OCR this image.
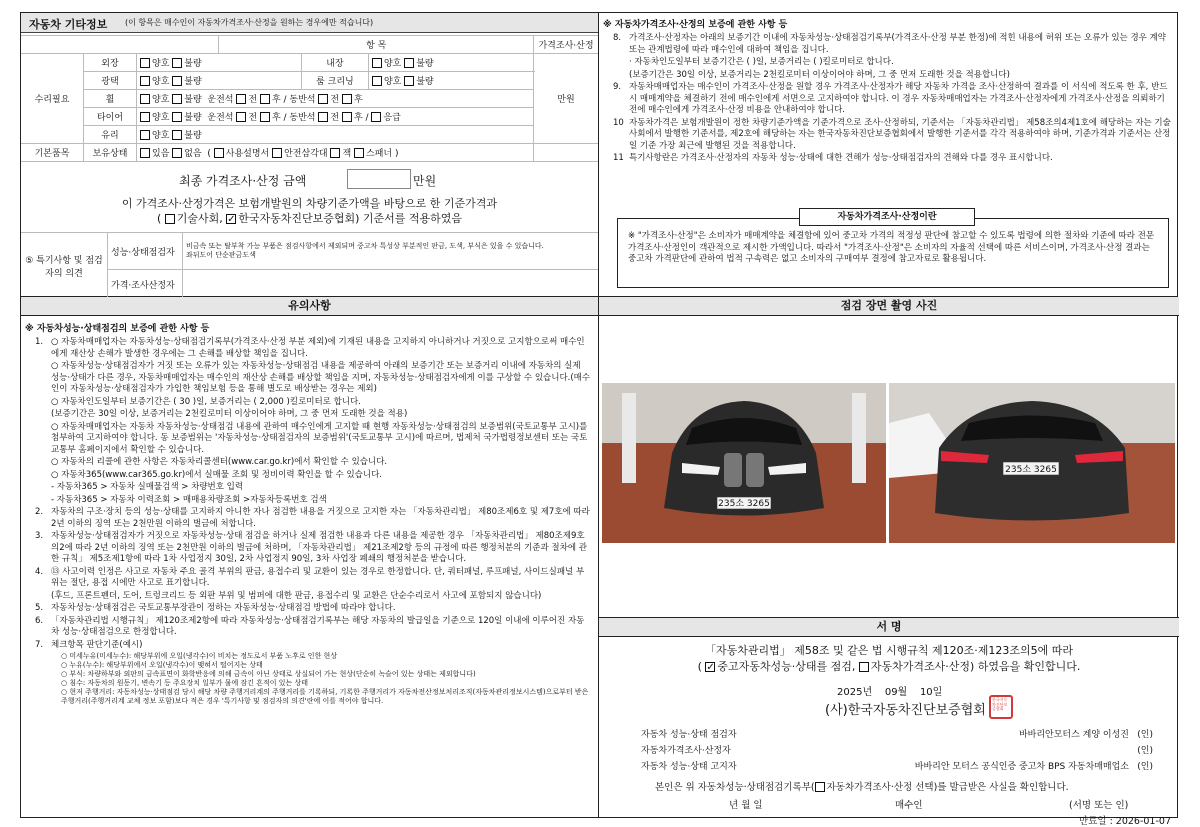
자동차 기타정보 (이 항목은 매수인이 자동차가격조사·산정을 원하는 경우에만 적습니다)
			항 목			가격조사·산정
수리필요	외장	양호 불량		내장	양호 불량	만원
	광택	양호 불량		룸 크리닝	양호 불량	
	휠	양호 불량 운전석 전 후 / 동반석 전 후				
	타이어	양호 불량 운전석 전 후 / 동반석 전 후 / 응급				
	유리	양호 불량				
기본품목	보유상태	있음 없음  ( 사용설명서 안전삼각대 잭 스패너 )				
최종 가격조사·산정 금액	만원
이 가격조사·산정가격은 보험개발원의 차량기준가액을 바탕으로 한 기준가격과
( 기술사회, ✓ 한국자동차진단보증협회) 기준서를 적용하였음
⑤ 특기사항 및 점검자의 의견	성능·상태점검자	비금속 또는 탈부착 가능 부품은 점검사항에서 제외되며 중고차 특성상 부분적인 판금, 도색, 부식은 있을 수 있습니다.
좌뒤도어 단순판금도색

	가격·조사산정자	
※ 자동차가격조사·산정의 보증에 관한 사항 등
8. 가격조사·산정자는 아래의 보증기간 이내에 자동차성능·상태점검기록부(가격조사·산정 부분 한정)에 적힌 내용에 허위 또는 오류가 있는 경우 계약 또는 관계법령에 따라 매수인에 대하여 책임을 집니다.
· 자동차인도일부터 보증기간은 ( )일, 보증거리는 ( )킬로미터로 합니다.
(보증기간은 30일 이상, 보증거리는 2천킬로미터 이상이어야 하며, 그 중 먼저 도래한 것을 적용합니다)
9. 자동차매매업자는 매수인이 가격조사·산정을 원할 경우 가격조사·산정자가 해당 자동차 가격을 조사·산정하여 결과를 이 서식에 적도록 한 후, 반드시 매매계약을 체결하기 전에 매수인에게 서면으로 고지하여야 합니다. 이 경우 자동차매매업자는 가격조사·산정자에게 가격조사·산정을 의뢰하기 전에 매수인에게 가격조사·산정 비용을 안내하여야 합니다.
10 자동차가격은 보험개발원이 정한 차량기준가액을 기준가격으로 조사·산정하되, 기준서는 「자동차관리법」 제58조의4제1호에 해당하는 자는 기술사회에서 발행한 기준서를, 제2호에 해당하는 자는 한국자동차진단보증협회에서 발행한 기준서를 각각 적용하여야 하며, 기준가격과 기준서는 산정일 기준 가장 최근에 발행된 것을 적용합니다.
11 특기사항란은 가격조사·산정자의 자동차 성능·상태에 대한 견해가 성능·상태점검자의 견해와 다를 경우 표시합니다.
자동차가격조사·산정이란
※ "가격조사·산정"은 소비자가 매매계약을 체결함에 있어 중고차 가격의 적정성 판단에 참고할 수 있도록 법령에 의한 절차와 기준에 따라 전문 가격조사·산정인이 객관적으로 제시한 가액입니다. 따라서 "가격조사·산정"은 소비자의 자율적 선택에 따른 서비스이며, 가격조사·산정 결과는 중고차 가격판단에 관하여 법적 구속력은 없고 소비자의 구매여부 결정에 참고자료로 활용됩니다.
유의사항
※ 자동차성능·상태점검의 보증에 관한 사항 등
1. ○ 자동차매매업자는 자동차성능·상태점검기록부(가격조사·산정 부분 제외)에 기재된 내용을 고지하지 아니하거나 거짓으로 고지함으로써 매수인에게 재산상 손해가 발생한 경우에는 그 손해를 배상할 책임을 집니다.
○ 자동차성능·상태점검자가 거짓 또는 오류가 있는 자동차성능·상태점검 내용을 제공하여 아래의 보증기간 또는 보증거리 이내에 자동차의 실제 성능·상태가 다른 경우, 자동차매매업자는 매수인의 재산상 손해를 배상할 책임을 지며, 자동차성능·상태점검자에게 이를 구상할 수 있습니다.(매수인이 자동차성능·상태점검자가 가입한 책임보험 등을 통해 별도로 배상받는 경우는 제외)
○ 자동차인도일부터 보증기간은 ( 30 )일, 보증거리는 ( 2,000 )킬로미터로 합니다.
(보증기간은 30일 이상, 보증거리는 2천킬로미터 이상이어야 하며, 그 중 먼저 도래한 것을 적용)
○ 자동차매매업자는 자동차 자동차성능·상태점검 내용에 관하여 매수인에게 고지할 때 현행 자동차성능·상태점검의 보증범위(국토교통부 고시)를 첨부하여 고지하여야 합니다. 동 보증범위는 '자동차성능·상태점검자의 보증범위'(국토교통부 고시)에 따르며, 법제처 국가법령정보센터 또는 국토교통부 홈페이지에서 확인할 수 있습니다.
○ 자동차의 리콜에 관한 사항은 자동차리콜센터(www.car.go.kr)에서 확인할 수 있습니다.
○ 자동차365(www.car365.go.kr)에서 실매물 조회 및 정비이력 확인을 할 수 있습니다.
- 자동차365 > 자동차 실매물검색 > 차량번호 입력
- 자동차365 > 자동차 이력조회 > 매매용차량조회 >자동차등록번호 검색
2. 자동차의 구조·장치 등의 성능·상태를 고지하지 아니한 자나 점검한 내용을 거짓으로 고지한 자는 「자동차관리법」 제80조제6호 및 제7호에 따라 2년 이하의 징역 또는 2천만원 이하의 벌금에 처합니다.
3. 자동차성능·상태점검자가 거짓으로 자동차성능·상태 점검을 하거나 실제 점검한 내용과 다른 내용을 제공한 경우 「자동차관리법」 제80조제9호의2에 따라 2년 이하의 징역 또는 2천만원 이하의 벌금에 처하며, 「자동차관리법」 제21조제2항 등의 규정에 따른 행정처분의 기준과 절차에 관한 규칙」 제5조제1항에 따라 1차 사업정지 30일, 2차 사업정지 90일, 3차 사업장 폐쇄의 행정처분을 받습니다.
4. ⑬ 사고이력 인정은 사고로 자동차 주요 골격 부위의 판금, 용접수리 및 교환이 있는 경우로 한정합니다. 단, 쿼터패널, 루프패널, 사이드실패널 부위는 절단, 용접 시에만 사고로 표기합니다.
(후드, 프론트펜더, 도어, 트렁크리드 등 외판 부위 및 범퍼에 대한 판금, 용접수리 및 교환은 단순수리로서 사고에 포함되지 않습니다)
5. 자동차성능·상태점검은 국토교통부장관이 정하는 자동차성능·상태점검 방법에 따라야 합니다.
6. 「자동차관리법 시행규칙」 제120조제2항에 따라 자동차성능·상태점검기록부는 해당 자동차의 발급일을 기준으로 120일 이내에 이루어진 자동차 성능·상태점검으로 한정합니다.
7. 체크항목 판단기준(예시)
○ 미세누유(미세누수): 해당부위에 오일(냉각수)이 비치는 정도로서 부품 노후로 인한 현상
○ 누유(누수): 해당부위에서 오일(냉각수)이 맺혀서 떨어지는 상태
○ 부식: 차량하부와 외판의 금속표면이 화학반응에 의해 금속이 아닌 상태로 상실되어 가는 현상(단순히 녹슬어 있는 상태는 제외합니다)
○ 침수: 자동차의 원동기, 변속기 등 주요장치 일부가 물에 잠긴 흔적이 있는 상태
○ 현저 주행거리: 자동차성능·상태점검 당시 해당 차량 주행거리계의 주행거리를 기록하되, 기록한 주행거리가 자동차전산정보처리조직(자동차관리정보시스템)으로부터 받은 주행거리(주행거리계 교체 정보 포함)보다 적은 경우 '특기사항 및 점검자의 의견'란에 이를 적어야 합니다.
점검 장면 촬영 사진
235소 3265
235소 3265
서 명
「자동차관리법」 제58조 및 같은 법 시행규칙 제120조·제123조의5에 따라
( ✓중고자동차성능·상태를 점검, 자동차가격조사·산정) 하였음을 확인합니다.
2025년 09월 10일
(사)한국자동차진단보증협회
한국자동차진단보증협회
자동차 성능·상태 점검자	바바리안모터스 계양 이성진 (인)
자동차가격조사·산정자	(인)
자동차 성능·상태 고지자	바바리안 모터스 공식인증 중고차 BPS 자동차매매업소 (인)
본인은 위 자동차성능·상태점검기록부( 자동차가격조사·산정 선택)를 발급받은 사실을 확인합니다.
년 월 일	매수인	(서명 또는 인)
만료일 : 2026-01-07
